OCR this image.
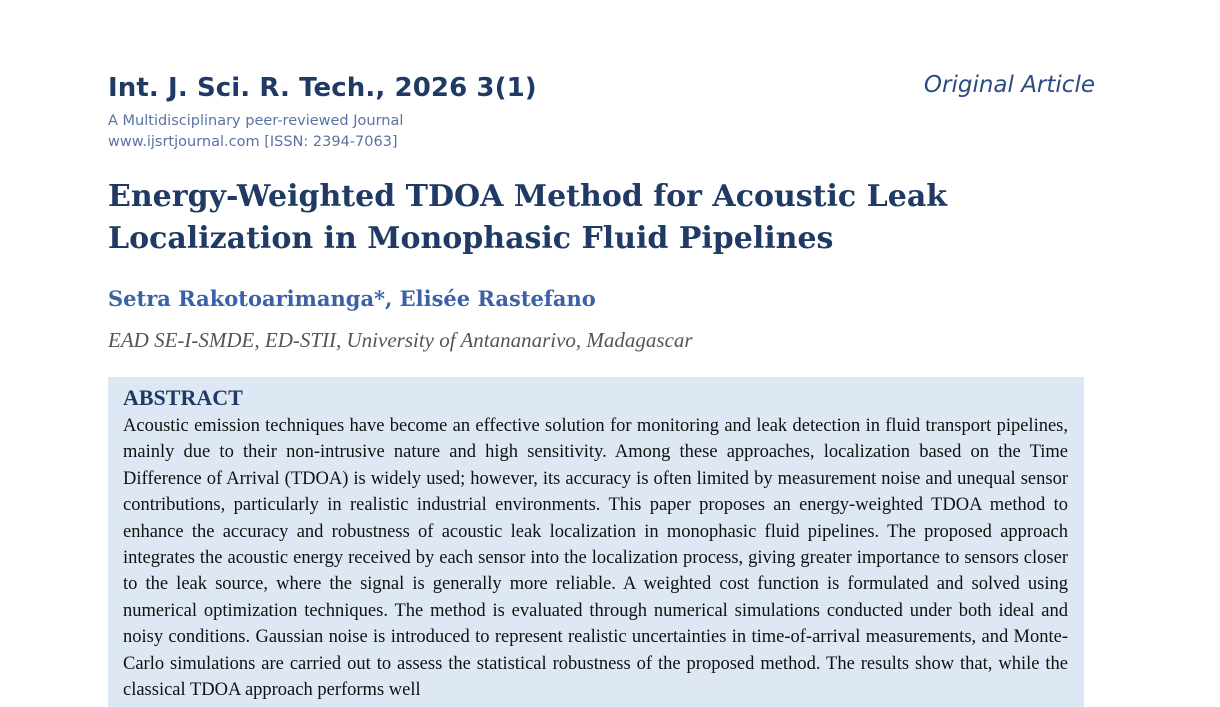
Int. J. Sci. R. Tech., 2026 3(1)
A Multidisciplinary peer-reviewed Journal
www.ijsrtjournal.com [ISSN: 2394-7063]
Original Article
Energy-Weighted TDOA Method for Acoustic Leak Localization in Monophasic Fluid Pipelines
Setra Rakotoarimanga*, Elisée Rastefano
EAD SE-I-SMDE, ED-STII, University of Antananarivo, Madagascar
ABSTRACT

Acoustic emission techniques have become an effective solution for monitoring and leak detection in fluid transport pipelines, mainly due to their non-intrusive nature and high sensitivity. Among these approaches, localization based on the Time Difference of Arrival (TDOA) is widely used; however, its accuracy is often limited by measurement noise and unequal sensor contributions, particularly in realistic industrial environments. This paper proposes an energy-weighted TDOA method to enhance the accuracy and robustness of acoustic leak localization in monophasic fluid pipelines. The proposed approach integrates the acoustic energy received by each sensor into the localization process, giving greater importance to sensors closer to the leak source, where the signal is generally more reliable. A weighted cost function is formulated and solved using numerical optimization techniques. The method is evaluated through numerical simulations conducted under both ideal and noisy conditions. Gaussian noise is introduced to represent realistic uncertainties in time-of-arrival measurements, and Monte-Carlo simulations are carried out to assess the statistical robustness of the proposed method. The results show that, while the classical TDOA approach performs well
